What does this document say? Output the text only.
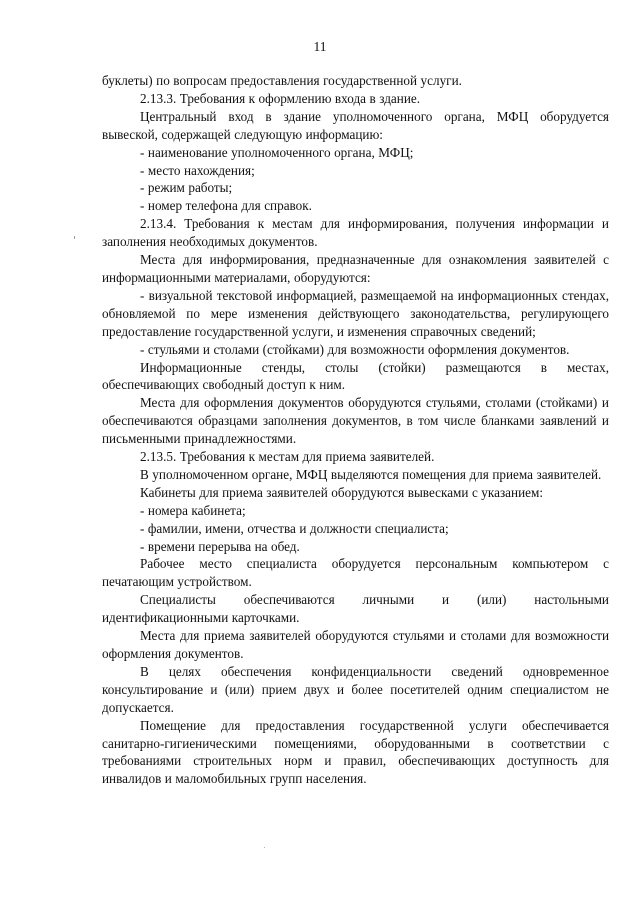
11

буклеты) по вопросам предоставления государственной услуги.

2.13.3. Требования к оформлению входа в здание.

Центральный вход в здание уполномоченного органа, МФЦ оборудуется вывеской, содержащей следующую информацию:

- наименование уполномоченного органа, МФЦ;

- место нахождения;

- режим работы;

- номер телефона для справок.

2.13.4. Требования к местам для информирования, получения информации и заполнения необходимых документов.

Места для информирования, предназначенные для ознакомления заявителей с информационными материалами, оборудуются:

- визуальной текстовой информацией, размещаемой на информационных стендах, обновляемой по мере изменения действующего законодательства, регулирующего предоставление государственной услуги, и изменения справочных сведений;

- стульями и столами (стойками) для возможности оформления документов.

Информационные стенды, столы (стойки) размещаются в местах, обеспечивающих свободный доступ к ним.

Места для оформления документов оборудуются стульями, столами (стойками) и обеспечиваются образцами заполнения документов, в том числе бланками заявлений и письменными принадлежностями.

2.13.5. Требования к местам для приема заявителей.

В уполномоченном органе, МФЦ выделяются помещения для приема заявителей.

Кабинеты для приема заявителей оборудуются вывесками с указанием:

- номера кабинета;

- фамилии, имени, отчества и должности специалиста;

- времени перерыва на обед.

Рабочее место специалиста оборудуется персональным компьютером с печатающим устройством.

Специалисты обеспечиваются личными и (или) настольными идентификационными карточками.

Места для приема заявителей оборудуются стульями и столами для возможности оформления документов.

В целях обеспечения конфиденциальности сведений одновременное консультирование и (или) прием двух и более посетителей одним специалистом не допускается.

Помещение для предоставления государственной услуги обеспечивается санитарно-гигиеническими помещениями, оборудованными в соответствии с требованиями строительных норм и правил, обеспечивающих доступность для инвалидов и маломобильных групп населения.
